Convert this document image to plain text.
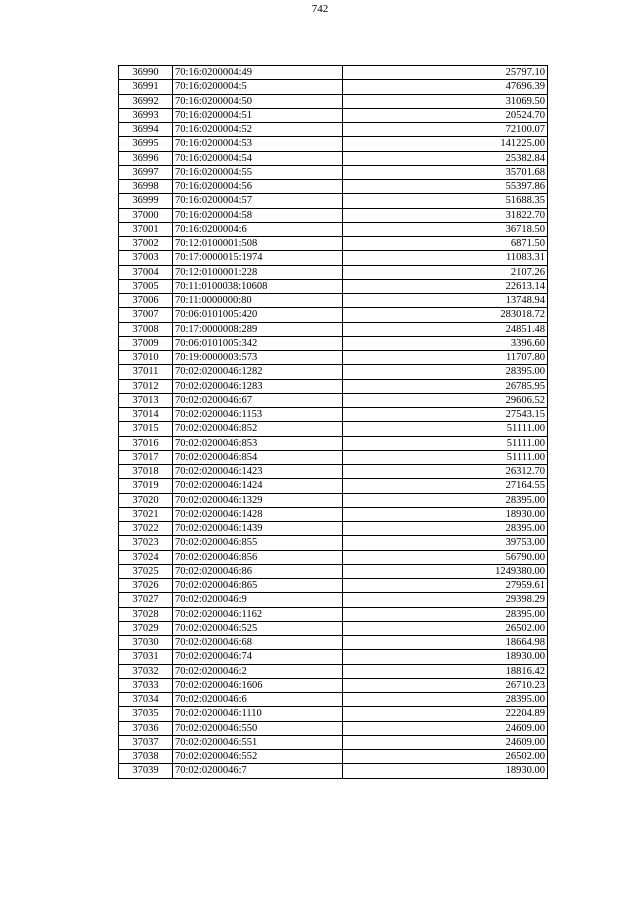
742
36990	70:16:0200004:49	25797.10
36991	70:16:0200004:5	47696.39
36992	70:16:0200004:50	31069.50
36993	70:16:0200004:51	20524.70
36994	70:16:0200004:52	72100.07
36995	70:16:0200004:53	141225.00
36996	70:16:0200004:54	25382.84
36997	70:16:0200004:55	35701.68
36998	70:16:0200004:56	55397.86
36999	70:16:0200004:57	51688.35
37000	70:16:0200004:58	31822.70
37001	70:16:0200004:6	36718.50
37002	70:12:0100001:508	6871.50
37003	70:17:0000015:1974	11083.31
37004	70:12:0100001:228	2107.26
37005	70:11:0100038:10608	22613.14
37006	70:11:0000000:80	13748.94
37007	70:06:0101005:420	283018.72
37008	70:17:0000008:289	24851.48
37009	70:06:0101005:342	3396.60
37010	70:19:0000003:573	11707.80
37011	70:02:0200046:1282	28395.00
37012	70:02:0200046:1283	26785.95
37013	70:02:0200046:67	29606.52
37014	70:02:0200046:1153	27543.15
37015	70:02:0200046:852	51111.00
37016	70:02:0200046:853	51111.00
37017	70:02:0200046:854	51111.00
37018	70:02:0200046:1423	26312.70
37019	70:02:0200046:1424	27164.55
37020	70:02:0200046:1329	28395.00
37021	70:02:0200046:1428	18930.00
37022	70:02:0200046:1439	28395.00
37023	70:02:0200046:855	39753.00
37024	70:02:0200046:856	56790.00
37025	70:02:0200046:86	1249380.00
37026	70:02:0200046:865	27959.61
37027	70:02:0200046:9	29398.29
37028	70:02:0200046:1162	28395.00
37029	70:02:0200046:525	26502.00
37030	70:02:0200046:68	18664.98
37031	70:02:0200046:74	18930.00
37032	70:02:0200046:2	18816.42
37033	70:02:0200046:1606	26710.23
37034	70:02:0200046:6	28395.00
37035	70:02:0200046:1110	22204.89
37036	70:02:0200046:550	24609.00
37037	70:02:0200046:551	24609.00
37038	70:02:0200046:552	26502.00
37039	70:02:0200046:7	18930.00
